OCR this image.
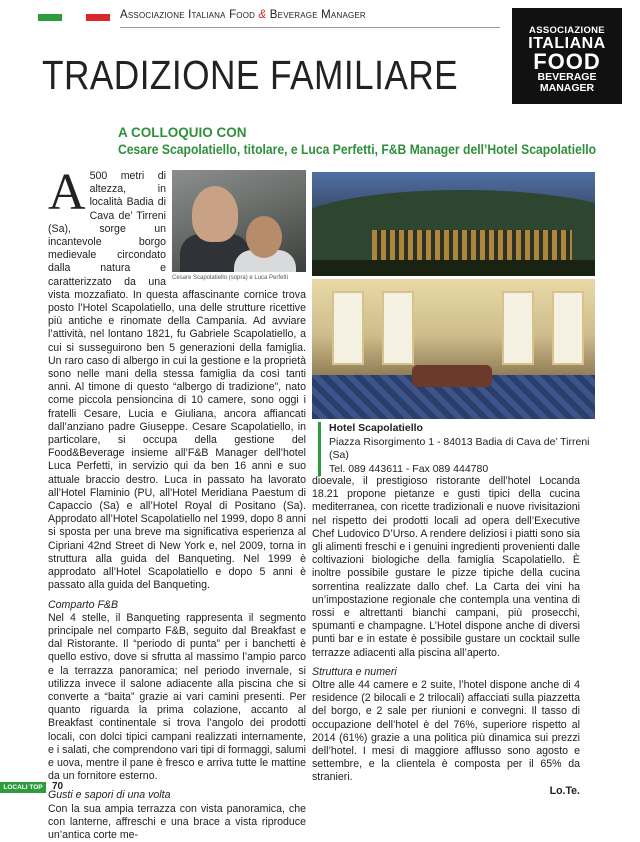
Associazione Italiana Food & Beverage Manager
ASSOCIAZIONE
ITALIANA
FOOD
BEVERAGE
MANAGER
TRADIZIONE FAMILIARE
A COLLOQUIO CON
Cesare Scapolatiello, titolare, e Luca Perfetti, F&B Manager dell’Hotel Scapolatiello
Cesare Scapolatiello (sopra) e Luca Perfetti

A 500 metri di altezza, in località Badia di Cava de’ Tirreni (Sa), sorge un incantevole borgo medievale circondato dalla natura e caratterizzato da una vista mozzafiato. In questa affascinante cornice trova posto l’Hotel Scapolatiello, una delle strutture ricettive più antiche e rinomate della Campania. Ad avviare l’attività, nel lontano 1821, fu Gabriele Scapolatiello, a cui si susseguirono ben 5 generazioni della famiglia. Un raro caso di albergo in cui la gestione e la proprietà sono nelle mani della stessa famiglia da così tanti anni. Al timone di questo “albergo di tradizione”, nato come piccola pensioncina di 10 camere, sono oggi i fratelli Cesare, Lucia e Giuliana, ancora affiancati dall’anziano padre Giuseppe. Cesare Scapolatiello, in particolare, si occupa della gestione del Food&Beverage insieme all’F&B Manager dell’hotel Luca Perfetti, in servizio qui da ben 16 anni e suo attuale braccio destro. Luca in passato ha lavorato all’Hotel Flaminio (PU, all’Hotel Meridiana Paestum di Capaccio (Sa) e all’Hotel Royal di Positano (Sa). Approdato all’Hotel Scapolatiello nel 1999, dopo 8 anni si sposta per una breve ma significativa esperienza al Cipriani 42nd Street di New York e, nel 2009, torna in struttura alla guida del Banqueting. Nel 1999 è approdato all’Hotel Scapolatiello e dopo 5 anni è passato alla guida del Banqueting.

Comparto F&B

Nel 4 stelle, il Banqueting rappresenta il segmento principale nel comparto F&B, seguito dal Breakfast e dal Ristorante. Il “periodo di punta” per i banchetti è quello estivo, dove si sfrutta al massimo l’ampio parco e la terrazza panoramica; nel periodo invernale, si utilizza invece il salone adiacente alla piscina che si converte a “baita” grazie ai vari camini presenti. Per quanto riguarda la prima colazione, accanto al Breakfast continentale si trova l’angolo dei prodotti locali, con dolci tipici campani realizzati internamente, e i salati, che comprendono vari tipi di formaggi, salumi e uova, mentre il pane è fresco e arriva tutte le mattine da un fornitore esterno.

Gusti e sapori di una volta

Con la sua ampia terrazza con vista panoramica, che con lanterne, affreschi e una brace a vista riproduce un’antica corte me-

Hotel Scapolatiello
Piazza Risorgimento 1 - 84013 Badia di Cava de’ Tirreni (Sa)
Tel. 089 443611 - Fax 089 444780

dioevale, il prestigioso ristorante dell’hotel Locanda 18.21 propone pietanze e gusti tipici della cucina mediterranea, con ricette tradizionali e nuove rivisitazioni nel rispetto dei prodotti locali ad opera dell’Executive Chef Ludovico D’Urso. A rendere deliziosi i piatti sono sia gli alimenti freschi e i genuini ingredienti provenienti dalle coltivazioni biologiche della famiglia Scapolatiello. È inoltre possibile gustare le pizze tipiche della cucina sorrentina realizzate dallo chef. La Carta dei vini ha un’impostazione regionale che contempla una ventina di rossi e altrettanti bianchi campani, più prosecchi, spumanti e champagne. L’Hotel dispone anche di diversi punti bar e in estate è possibile gustare un cocktail sulle terrazze adiacenti alla piscina all’aperto.

Struttura e numeri

Oltre alle 44 camere e 2 suite, l’hotel dispone anche di 4 residence (2 bilocali e 2 trilocali) affacciati sulla piazzetta del borgo, e 2 sale per riunioni e convegni. Il tasso di occupazione dell’hotel è del 76%, superiore rispetto al 2014 (61%) grazie a una politica più dinamica sui prezzi dell’hotel. I mesi di maggiore afflusso sono agosto e settembre, e la clientela è composta per il 65% da stranieri.

Lo.Te.

LOCALI TOP 70
